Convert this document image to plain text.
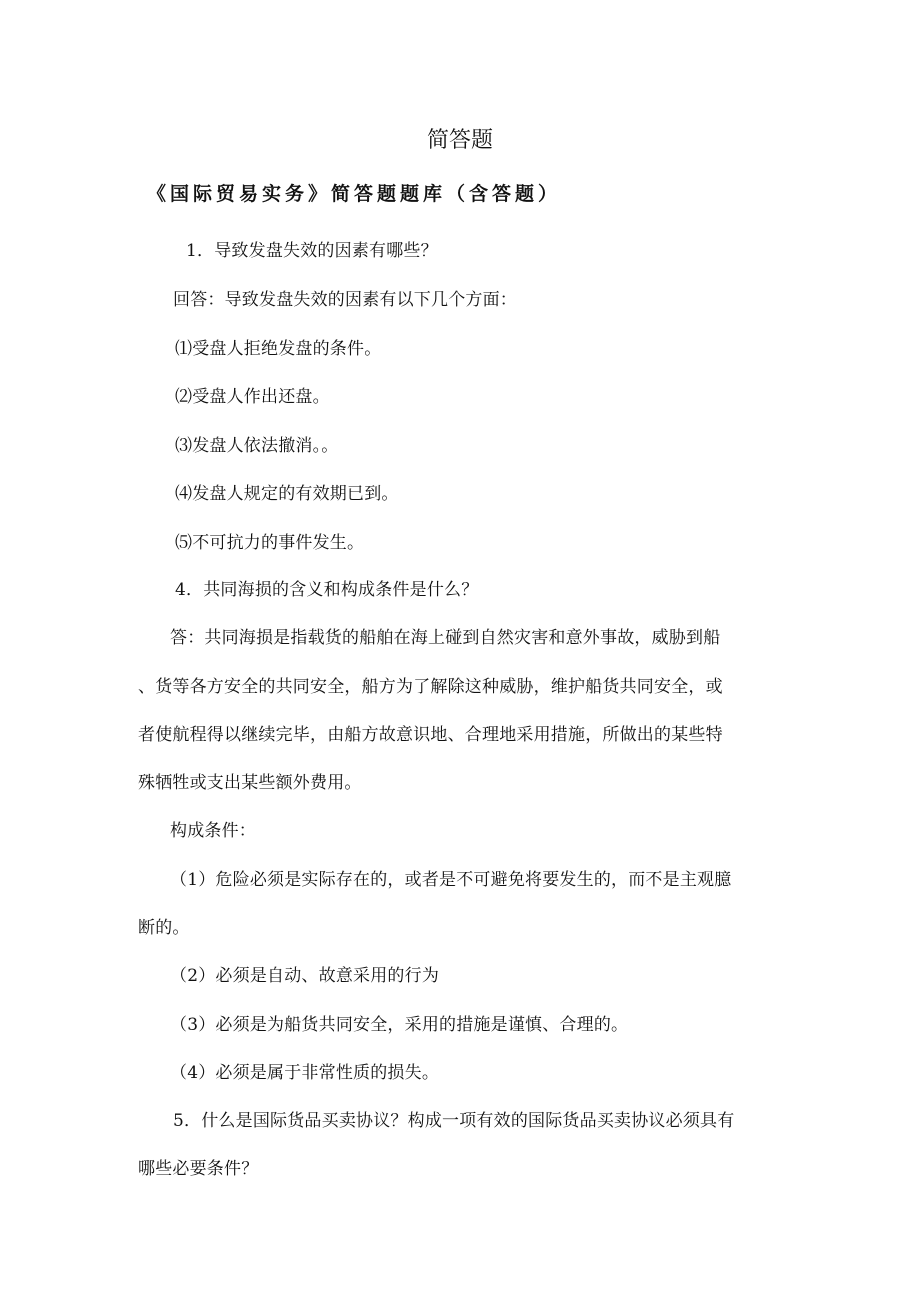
简答题
《国际贸易实务》简答题题库（含答题）
1．导致发盘失效的因素有哪些？
回答：导致发盘失效的因素有以下几个方面：
⑴受盘人拒绝发盘的条件。
⑵受盘人作出还盘。
⑶发盘人依法撤消。。
⑷发盘人规定的有效期已到。
⑸不可抗力的事件发生。
4．共同海损的含义和构成条件是什么？
答：共同海损是指载货的船舶在海上碰到自然灾害和意外事故，威胁到船
、货等各方安全的共同安全，船方为了解除这种威胁，维护船货共同安全，或
者使航程得以继续完毕，由船方故意识地、合理地采用措施，所做出的某些特
殊牺牲或支出某些额外费用。
构成条件：
（1）危险必须是实际存在的，或者是不可避免将要发生的，而不是主观臆
断的。
（2）必须是自动、故意采用的行为
（3）必须是为船货共同安全，采用的措施是谨慎、合理的。
（4）必须是属于非常性质的损失。
5．什么是国际货品买卖协议？构成一项有效的国际货品买卖协议必须具有
哪些必要条件？
